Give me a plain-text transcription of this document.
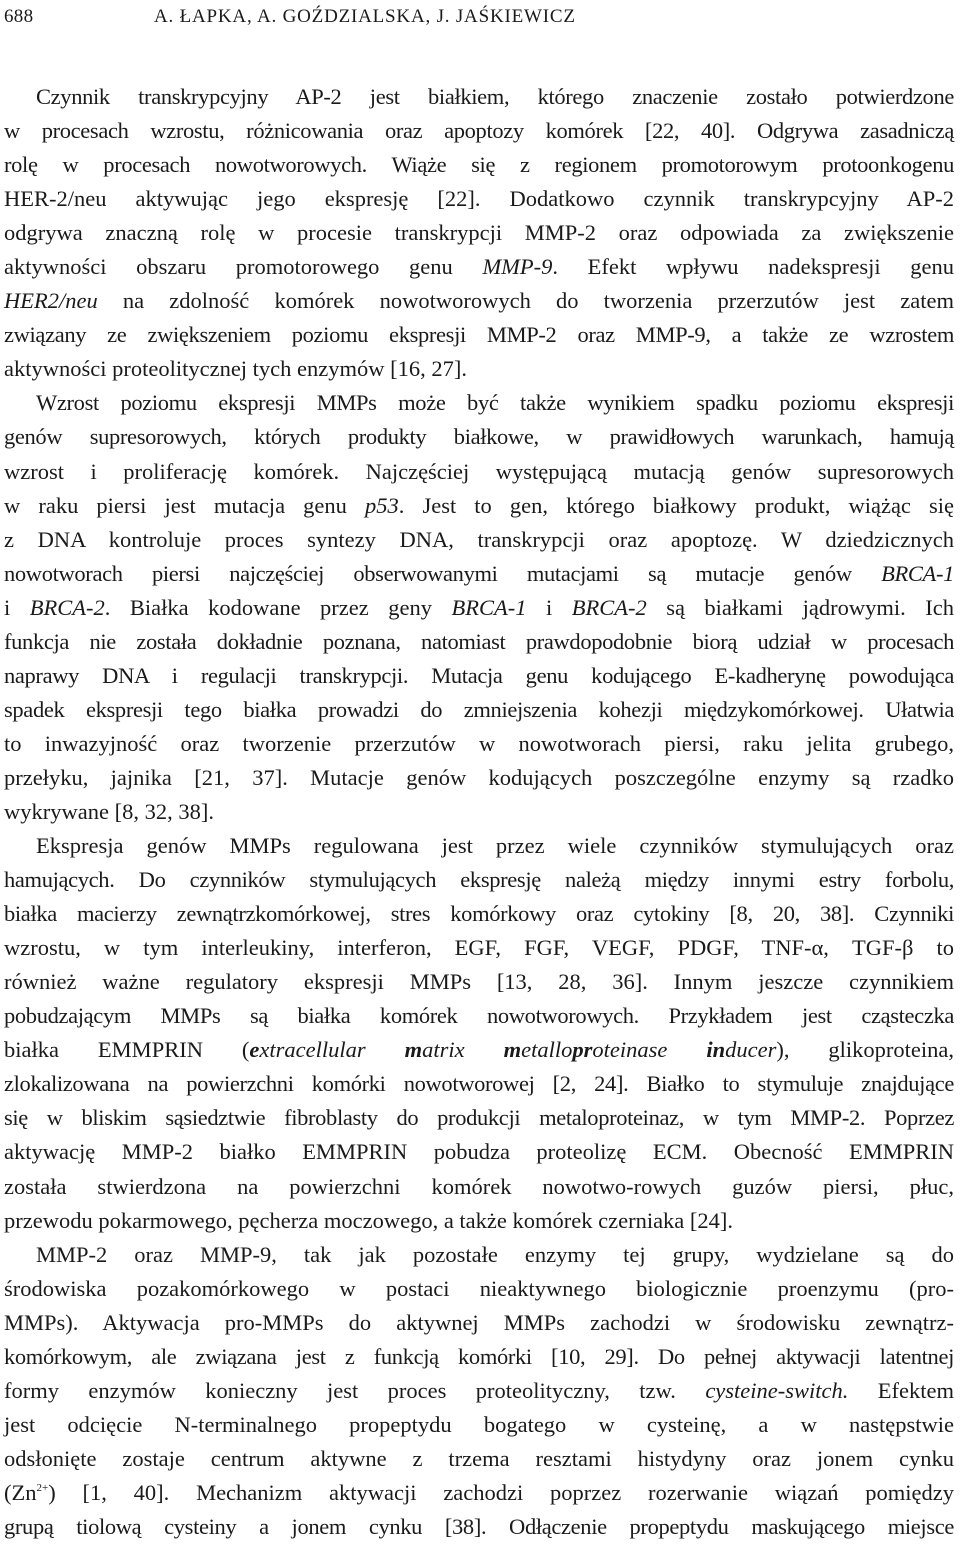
688	A. ŁAPKA, A. GOŹDZIALSKA, J. JAŚKIEWICZ
Czynnik transkrypcyjny AP-2 jest białkiem, którego znaczenie zostało potwierdzone
w procesach wzrostu, różnicowania oraz apoptozy komórek [22, 40]. Odgrywa zasadniczą
rolę w procesach nowotworowych. Wiąże się z regionem promotorowym protoonkogenu
HER-2/neu aktywując jego ekspresję [22]. Dodatkowo czynnik transkrypcyjny AP-2
odgrywa znaczną rolę w procesie transkrypcji MMP-2 oraz odpowiada za zwiększenie
aktywności obszaru promotorowego genu MMP-9. Efekt wpływu nadekspresji genu
HER2/neu na zdolność komórek nowotworowych do tworzenia przerzutów jest zatem
związany ze zwiększeniem poziomu ekspresji MMP-2 oraz MMP-9, a także ze wzrostem
aktywności proteolitycznej tych enzymów [16, 27].
Wzrost poziomu ekspresji MMPs może być także wynikiem spadku poziomu ekspresji
genów supresorowych, których produkty białkowe, w prawidłowych warunkach, hamują
wzrost i proliferację komórek. Najczęściej występującą mutacją genów supresorowych
w raku piersi jest mutacja genu p53. Jest to gen, którego białkowy produkt, wiążąc się
z DNA kontroluje proces syntezy DNA, transkrypcji oraz apoptozę. W dziedzicznych
nowotworach piersi najczęściej obserwowanymi mutacjami są mutacje genów BRCA-1
i BRCA-2. Białka kodowane przez geny BRCA-1 i BRCA-2 są białkami jądrowymi. Ich
funkcja nie została dokładnie poznana, natomiast prawdopodobnie biorą udział w procesach
naprawy DNA i regulacji transkrypcji. Mutacja genu kodującego E-kadherynę powodująca
spadek ekspresji tego białka prowadzi do zmniejszenia kohezji międzykomórkowej. Ułatwia
to inwazyjność oraz tworzenie przerzutów w nowotworach piersi, raku jelita grubego,
przełyku, jajnika [21, 37]. Mutacje genów kodujących poszczególne enzymy są rzadko
wykrywane [8, 32, 38].
Ekspresja genów MMPs regulowana jest przez wiele czynników stymulujących oraz
hamujących. Do czynników stymulujących ekspresję należą między innymi estry forbolu,
białka macierzy zewnątrzkomórkowej, stres komórkowy oraz cytokiny [8, 20, 38]. Czynniki
wzrostu, w tym interleukiny, interferon, EGF, FGF, VEGF, PDGF, TNF-α, TGF-β to
również ważne regulatory ekspresji MMPs [13, 28, 36]. Innym jeszcze czynnikiem
pobudzającym MMPs są białka komórek nowotworowych. Przykładem jest cząsteczka
białka EMMPRIN (extracellular matrix metalloproteinase inducer), glikoproteina,
zlokalizowana na powierzchni komórki nowotworowej [2, 24]. Białko to stymuluje znajdujące
się w bliskim sąsiedztwie fibroblasty do produkcji metaloproteinaz, w tym MMP-2. Poprzez
aktywację MMP-2 białko EMMPRIN pobudza proteolizę ECM. Obecność EMMPRIN
została stwierdzona na powierzchni komórek nowotwo-rowych guzów piersi, płuc,
przewodu pokarmowego, pęcherza moczowego, a także komórek czerniaka [24].
MMP-2 oraz MMP-9, tak jak pozostałe enzymy tej grupy, wydzielane są do
środowiska pozakomórkowego w postaci nieaktywnego biologicznie proenzymu (pro-
MMPs). Aktywacja pro-MMPs do aktywnej MMPs zachodzi w środowisku zewnątrz-
komórkowym, ale związana jest z funkcją komórki [10, 29]. Do pełnej aktywacji latentnej
formy enzymów konieczny jest proces proteolityczny, tzw. cysteine-switch. Efektem
jest odcięcie N-terminalnego propeptydu bogatego w cysteinę, a w następstwie
odsłonięte zostaje centrum aktywne z trzema resztami histydyny oraz jonem cynku
$(Zn^{2+})$ [1, 40]. Mechanizm aktywacji zachodzi poprzez rozerwanie wiązań pomiędzy
grupą tiolową cysteiny a jonem cynku [38]. Odłączenie propeptydu maskującego miejsce
